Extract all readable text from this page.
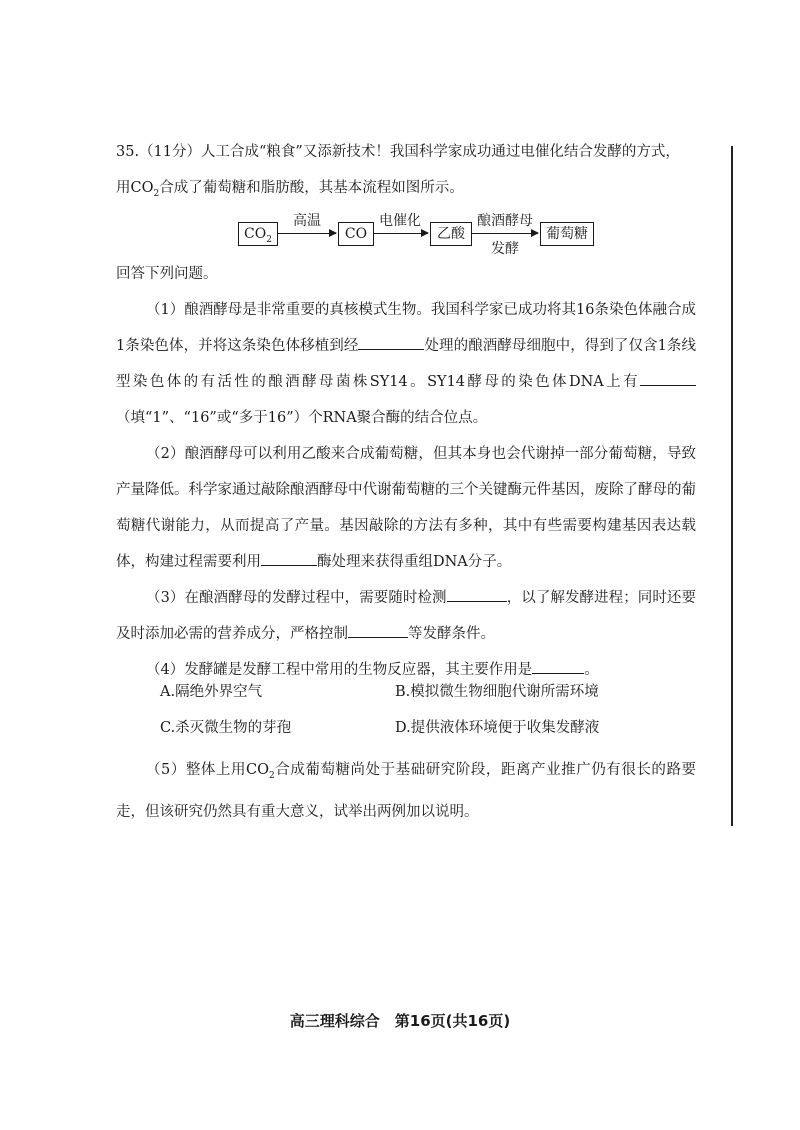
35.（11分）人工合成“粮食”又添新技术！我国科学家成功通过电催化结合发酵的方式，
用$CO_2$合成了葡萄糖和脂肪酸，其基本流程如图所示。
$CO_2$
高温
CO
电催化
乙酸
酿酒酵母
发酵
葡萄糖
回答下列问题。
（1）酿酒酵母是非常重要的真核模式生物。我国科学家已成功将其16条染色体融合成1条染色体，并将这条染色体移植到经	处理的酿酒酵母细胞中，得到了仅含1条线型染色体的有活性的酿酒酵母菌株SY14。SY14酵母的染色体DNA上有（填“1”、“16”或“多于16”）个RNA聚合酶的结合位点。
（2）酿酒酵母可以利用乙酸来合成葡萄糖，但其本身也会代谢掉一部分葡萄糖，导致产量降低。科学家通过敲除酿酒酵母中代谢葡萄糖的三个关键酶元件基因，废除了酵母的葡萄糖代谢能力，从而提高了产量。基因敲除的方法有多种，其中有些需要构建基因表达载体，构建过程需要利用	酶处理来获得重组DNA分子。
（3）在酿酒酵母的发酵过程中，需要随时检测	，以了解发酵进程；同时还要及时添加必需的营养成分，严格控制	等发酵条件。
（4）发酵罐是发酵工程中常用的生物反应器，其主要作用是	。
A.隔绝外界空气	B.模拟微生物细胞代谢所需环境
C.杀灭微生物的芽孢	D.提供液体环境便于收集发酵液
（5）整体上用$CO_2$合成葡萄糖尚处于基础研究阶段，距离产业推广仍有很长的路要走，但该研究仍然具有重大意义，试举出两例加以说明。
高三理科综合　第16页(共16页)
